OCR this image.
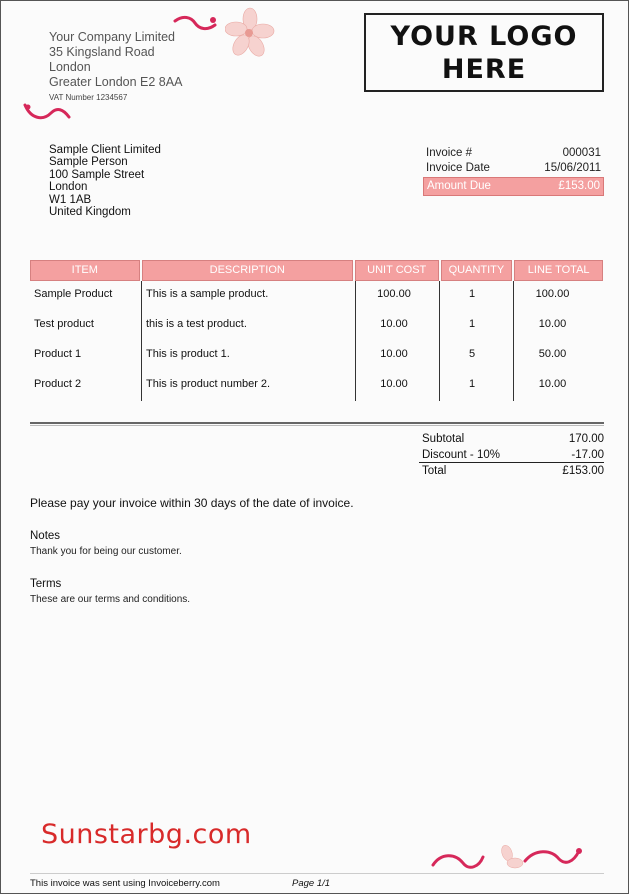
Your Company Limited
35 Kingsland Road
London
Greater London E2 8AA
VAT Number 1234567
YOUR LOGO
HERE
Sample Client Limited
Sample Person
100 Sample Street
London
W1 1AB
United Kingdom
Invoice #	000031
Invoice Date	15/06/2011
Amount Due	£153.00
ITEM	DESCRIPTION	UNIT COST	QUANTITY	LINE TOTAL
Sample Product	This is a sample product.	100.00	1	100.00
Test product	this is a test product.	10.00	1	10.00
Product 1	This is product 1.	10.00	5	50.00
Product 2	This is product number 2.	10.00	1	10.00
Subtotal	170.00
Discount - 10%	-17.00
Total	£153.00
Please pay your invoice within 30 days of the date of invoice.
Notes
Thank you for being our customer.
Terms
These are our terms and conditions.
Sunstarbg.com
This invoice was sent using Invoiceberry.com	Page 1/1
